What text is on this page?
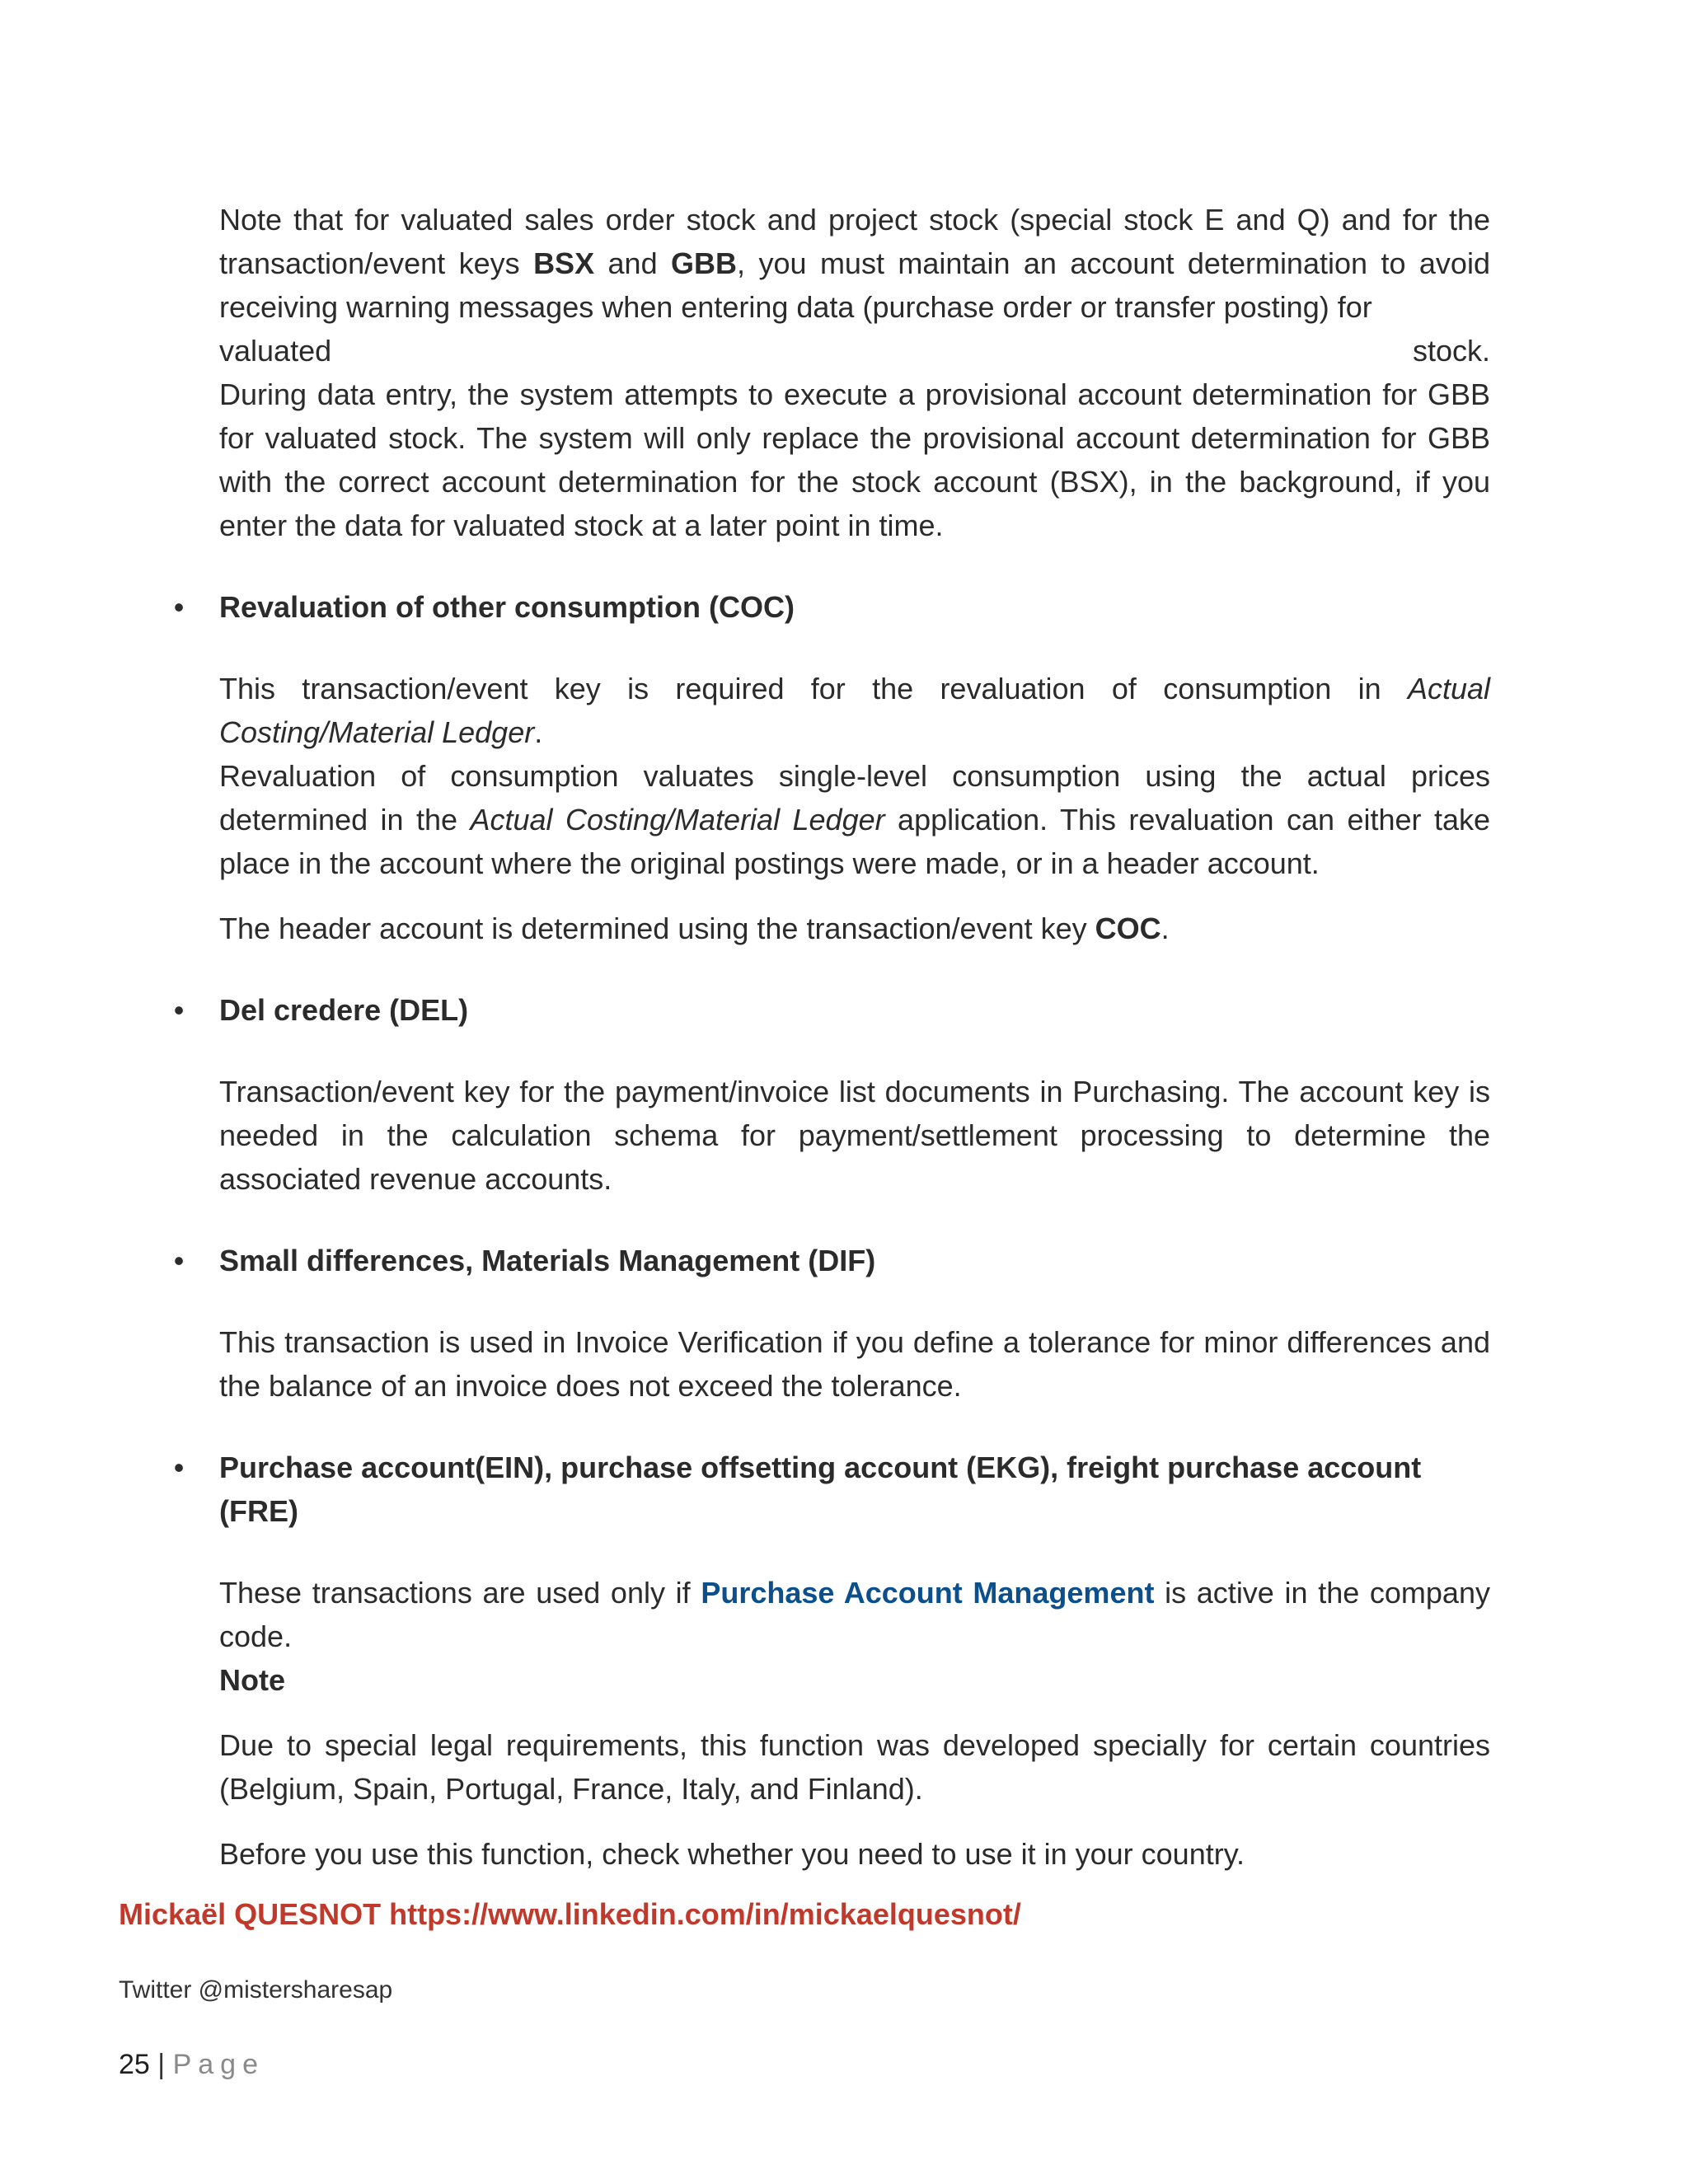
Note that for valuated sales order stock and project stock (special stock E and Q) and for the transaction/event keys BSX and GBB, you must maintain an account determination to avoid receiving warning messages when entering data (purchase order or transfer posting) for

valuated	stock.

During data entry, the system attempts to execute a provisional account determination for GBB for valuated stock. The system will only replace the provisional account determination for GBB with the correct account determination for the stock account (BSX), in the background, if you enter the data for valuated stock at a later point in time.

• Revaluation of other consumption (COC)

This transaction/event key is required for the revaluation of consumption in Actual Costing/Material Ledger.

Revaluation of consumption valuates single-level consumption using the actual prices determined in the Actual Costing/Material Ledger application. This revaluation can either take place in the account where the original postings were made, or in a header account.

The header account is determined using the transaction/event key COC.

• Del credere (DEL)

Transaction/event key for the payment/invoice list documents in Purchasing. The account key is needed in the calculation schema for payment/settlement processing to determine the associated revenue accounts.

• Small differences, Materials Management (DIF)

This transaction is used in Invoice Verification if you define a tolerance for minor differences and the balance of an invoice does not exceed the tolerance.

• Purchase account(EIN), purchase offsetting account (EKG), freight purchase account (FRE)

These transactions are used only if Purchase Account Management is active in the company code.

Note

Due to special legal requirements, this function was developed specially for certain countries (Belgium, Spain, Portugal, France, Italy, and Finland).

Before you use this function, check whether you need to use it in your country.

Mickaël QUESNOT https://www.linkedin.com/in/mickaelquesnot/
Twitter @mistersharesap
25 | Page
